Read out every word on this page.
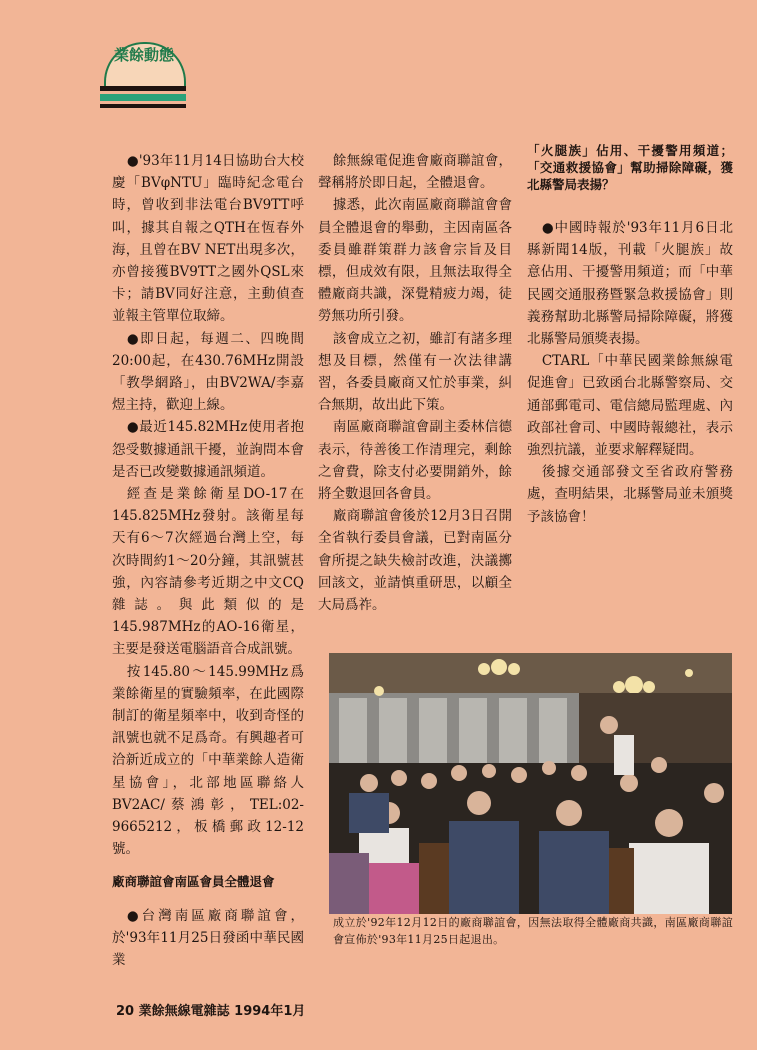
業餘動態

●'93年11月14日協助台大校慶「BVφNTU」臨時紀念電台時，曾收到非法電台BV9TT呼叫，據其自報之QTH在恆春外海，且曾在BV NET出現多次，亦曾接獲BV9TT之國外QSL來卡；請BV同好注意，主動偵查並報主管單位取締。

●即日起，每週二、四晚間20:00起，在430.76MHz開設「教學網路」，由BV2WA/李嘉煜主持，歡迎上線。

●最近145.82MHz使用者抱怨受數據通訊干擾，並詢問本會是否已改變數據通訊頻道。

經查是業餘衛星DO-17在145.825MHz發射。該衛星每天有6～7次經過台灣上空，每次時間約1～20分鐘，其訊號甚強，內容請參考近期之中文CQ雜誌。與此類似的是145.987MHz的AO-16衛星，主要是發送電腦語音合成訊號。

按145.80～145.99MHz爲業餘衛星的實驗頻率，在此國際制訂的衛星頻率中，收到奇怪的訊號也就不足爲奇。有興趣者可洽新近成立的「中華業餘人造衛星協會」，北部地區聯絡人BV2AC/蔡鴻彰，TEL:02-9665212，板橋郵政12-12號。

廠商聯誼會南區會員全體退會

●台灣南區廠商聯誼會，於'93年11月25日發函中華民國業

餘無線電促進會廠商聯誼會，聲稱將於即日起，全體退會。

據悉，此次南區廠商聯誼會會員全體退會的舉動，主因南區各委員雖群策群力該會宗旨及目標，但成效有限，且無法取得全體廠商共識，深覺精疲力竭，徒勞無功所引發。

該會成立之初，雖訂有諸多理想及目標，然僅有一次法律講習，各委員廠商又忙於事業，糾合無期，故出此下策。

南區廠商聯誼會副主委林信德表示，待善後工作清理完，剩餘之會費，除支付必要開銷外，餘將全數退回各會員。

廠商聯誼會後於12月3日召開全省執行委員會議，已對南區分會所提之缺失檢討改進，決議擲回該文，並請慎重研思，以顧全大局爲祚。

「火腿族」佔用、干擾警用頻道；「交通救援協會」幫助掃除障礙，獲北縣警局表揚？

●中國時報於'93年11月6日北縣新聞14版，刊載「火腿族」故意佔用、干擾警用頻道；而「中華民國交通服務暨緊急救援協會」則義務幫助北縣警局掃除障礙，將獲北縣警局頒獎表揚。

CTARL「中華民國業餘無線電促進會」已致函台北縣警察局、交通部郵電司、電信總局監理處、內政部社會司、中國時報總社，表示強烈抗議，並要求解釋疑問。

後據交通部發文至省政府警務處，查明結果，北縣警局並未頒獎予該協會！

成立於'92年12月12日的廠商聯誼會，因無法取得全體廠商共識，南區廠商聯誼會宣佈於'93年11月25日起退出。
20 業餘無線電雜誌 1994年1月
